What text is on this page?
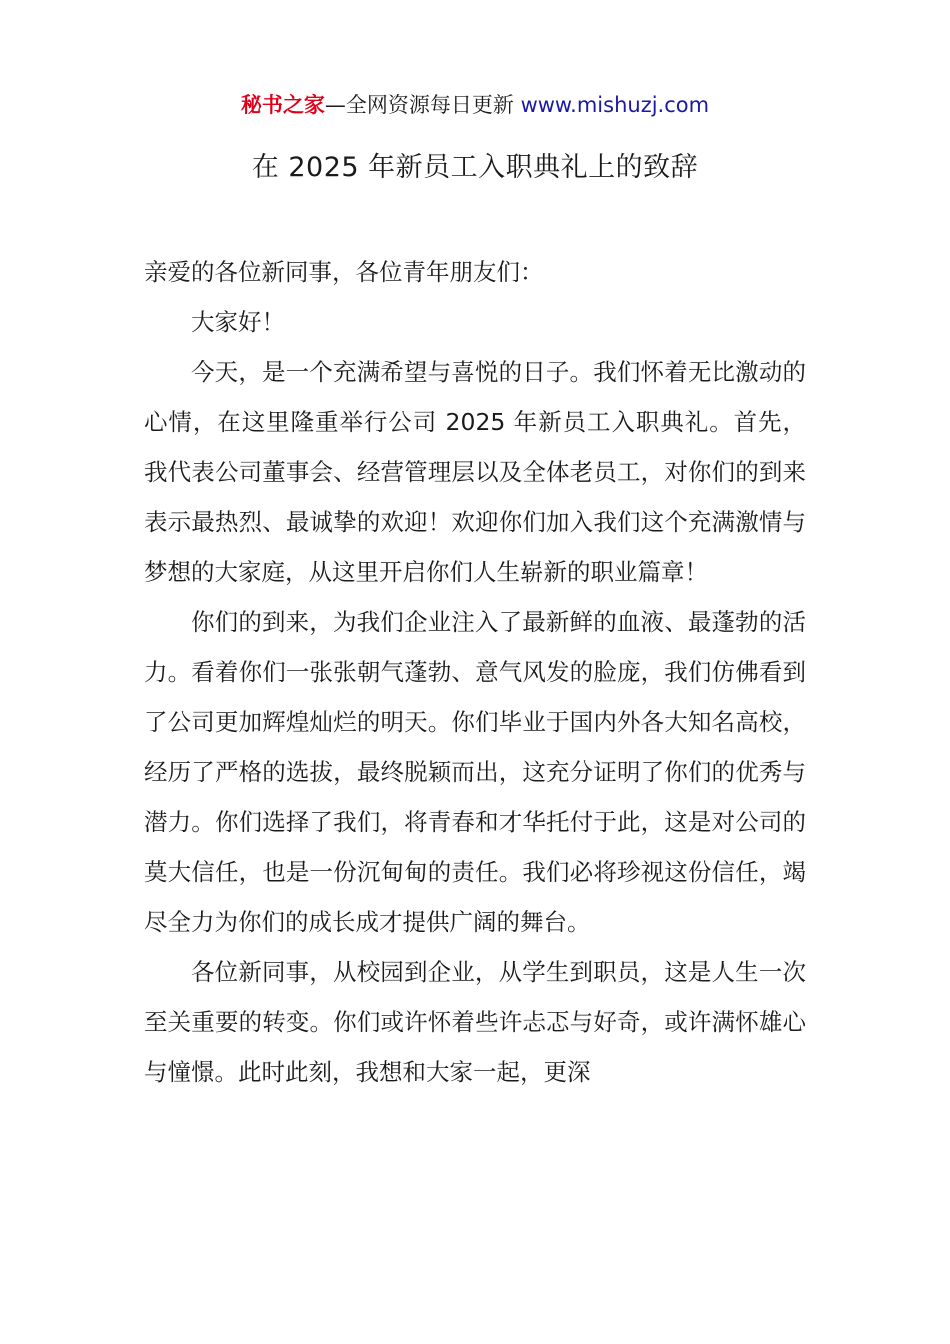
秘书之家—全网资源每日更新 www.mishuzj.com
在 2025 年新员工入职典礼上的致辞

亲爱的各位新同事，各位青年朋友们：

大家好！

今天，是一个充满希望与喜悦的日子。我们怀着无比激动的心情，在这里隆重举行公司 2025 年新员工入职典礼。首先，我代表公司董事会、经营管理层以及全体老员工，对你们的到来表示最热烈、最诚挚的欢迎！欢迎你们加入我们这个充满激情与梦想的大家庭，从这里开启你们人生崭新的职业篇章！

你们的到来，为我们企业注入了最新鲜的血液、最蓬勃的活力。看着你们一张张朝气蓬勃、意气风发的脸庞，我们仿佛看到了公司更加辉煌灿烂的明天。你们毕业于国内外各大知名高校，经历了严格的选拔，最终脱颖而出，这充分证明了你们的优秀与潜力。你们选择了我们，将青春和才华托付于此，这是对公司的莫大信任，也是一份沉甸甸的责任。我们必将珍视这份信任，竭尽全力为你们的成长成才提供广阔的舞台。

各位新同事，从校园到企业，从学生到职员，这是人生一次至关重要的转变。你们或许怀着些许忐忑与好奇，或许满怀雄心与憧憬。此时此刻，我想和大家一起，更深
